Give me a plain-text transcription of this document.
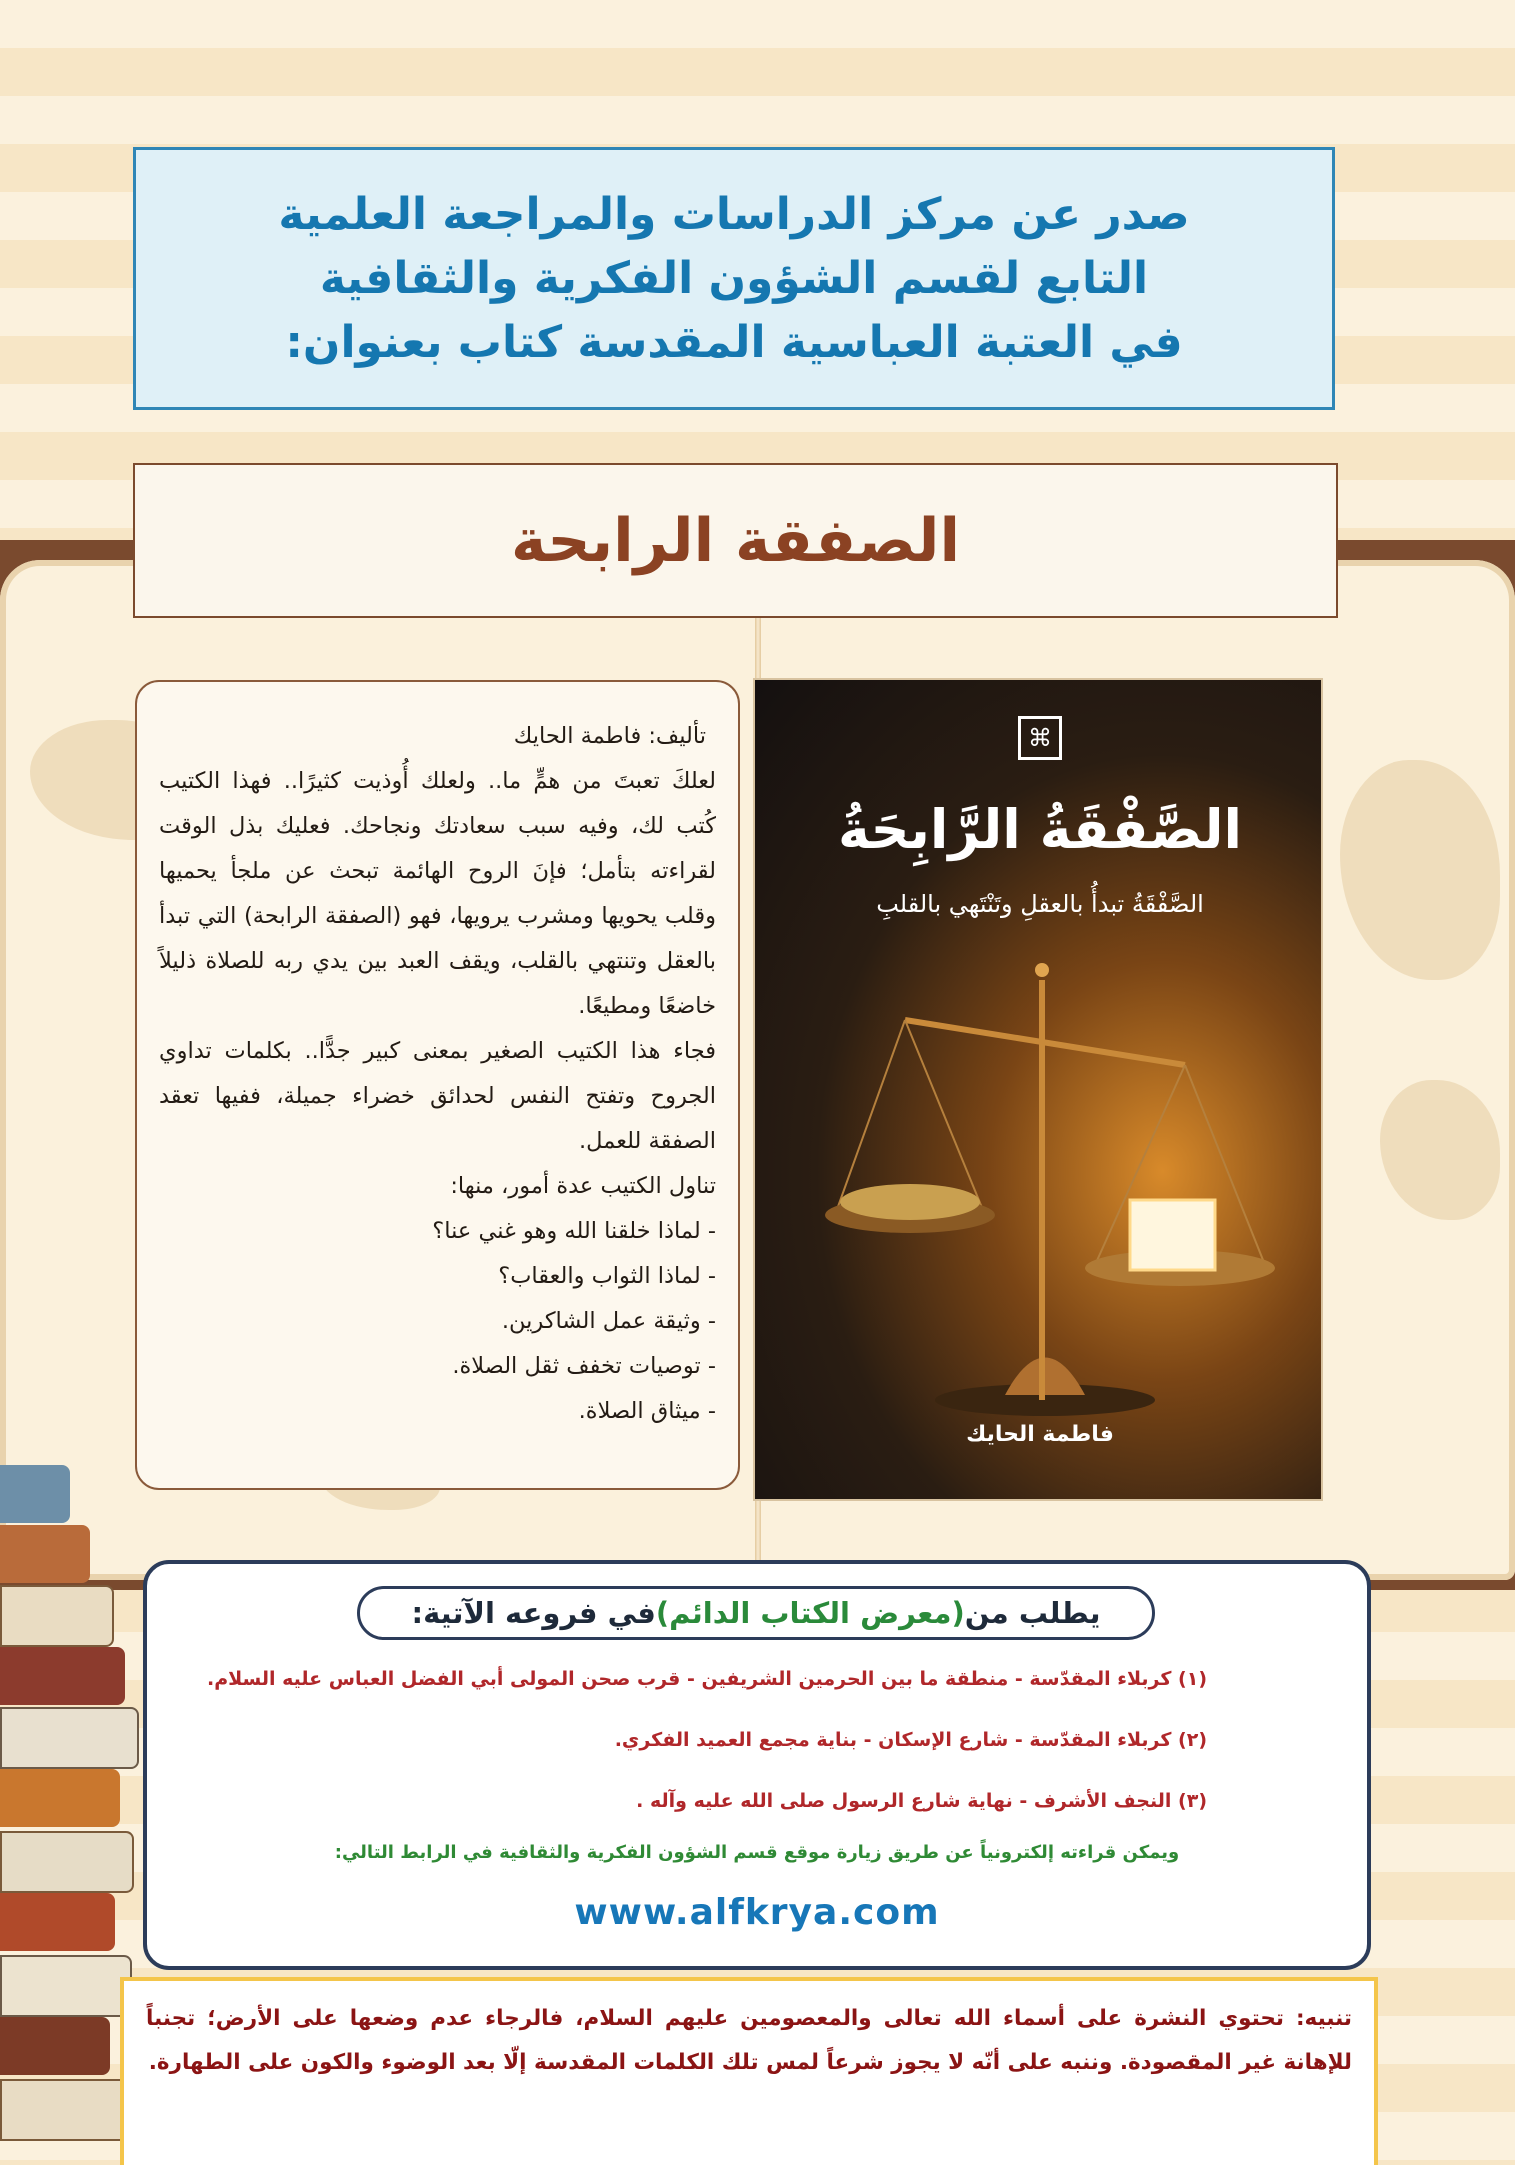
صدر عن مركز الدراسات والمراجعة العلمية
التابع لقسم الشؤون الفكرية والثقافية
في العتبة العباسية المقدسة كتاب بعنوان:
الصفقة الرابحة

تأليف: فاطمة الحايك

لعلكَ تعبتَ من همٍّ ما.. ولعلك أُوذيت كثيرًا.. فهذا الكتيب كُتب لك، وفيه سبب سعادتك ونجاحك. فعليك بذل الوقت لقراءته بتأمل؛ فإنَ الروح الهائمة تبحث عن ملجأ يحميها وقلب يحويها ومشرب يرويها، فهو (الصفقة الرابحة) التي تبدأ بالعقل وتنتهي بالقلب، ويقف العبد بين يدي ربه للصلاة ذليلاً خاضعًا ومطيعًا.

فجاء هذا الكتيب الصغير بمعنى كبير جدًّا.. بكلمات تداوي الجروح وتفتح النفس لحدائق خضراء جميلة، ففيها تعقد الصفقة للعمل.

تناول الكتيب عدة أمور، منها:

- لماذا خلقنا الله وهو غني عنا؟
- لماذا الثواب والعقاب؟
- وثيقة عمل الشاكرين.
- توصيات تخفف ثقل الصلاة.
- ميثاق الصلاة.
⌘
الصَّفْقَةُ الرَّابِحَةُ
الصَّفْقَةُ تبدأُ بالعقلِ وتَنْتَهي بالقلبِ
فاطمة الحايك
يطلب من
(معرض الكتاب الدائم)
في فروعه الآتية:
(١) كربلاء المقدّسة - منطقة ما بين الحرمين الشريفين - قرب صحن المولى أبي الفضل العباس عليه السلام.
(٢) كربلاء المقدّسة - شارع الإسكان - بناية مجمع العميد الفكري.
(٣) النجف الأشرف - نهاية شارع الرسول صلى الله عليه وآله .
ويمكن قراءته إلكترونياً عن طريق زيارة موقع قسم الشؤون الفكرية والثقافية في الرابط التالي:
www.alfkrya.com
تنبيه: تحتوي النشرة على أسماء الله تعالى والمعصومين عليهم السلام، فالرجاء عدم وضعها على الأرض؛ تجنباً للإهانة غير المقصودة. وننبه على أنّه لا يجوز شرعاً لمس تلك الكلمات المقدسة إلّا بعد الوضوء والكون على الطهارة.
